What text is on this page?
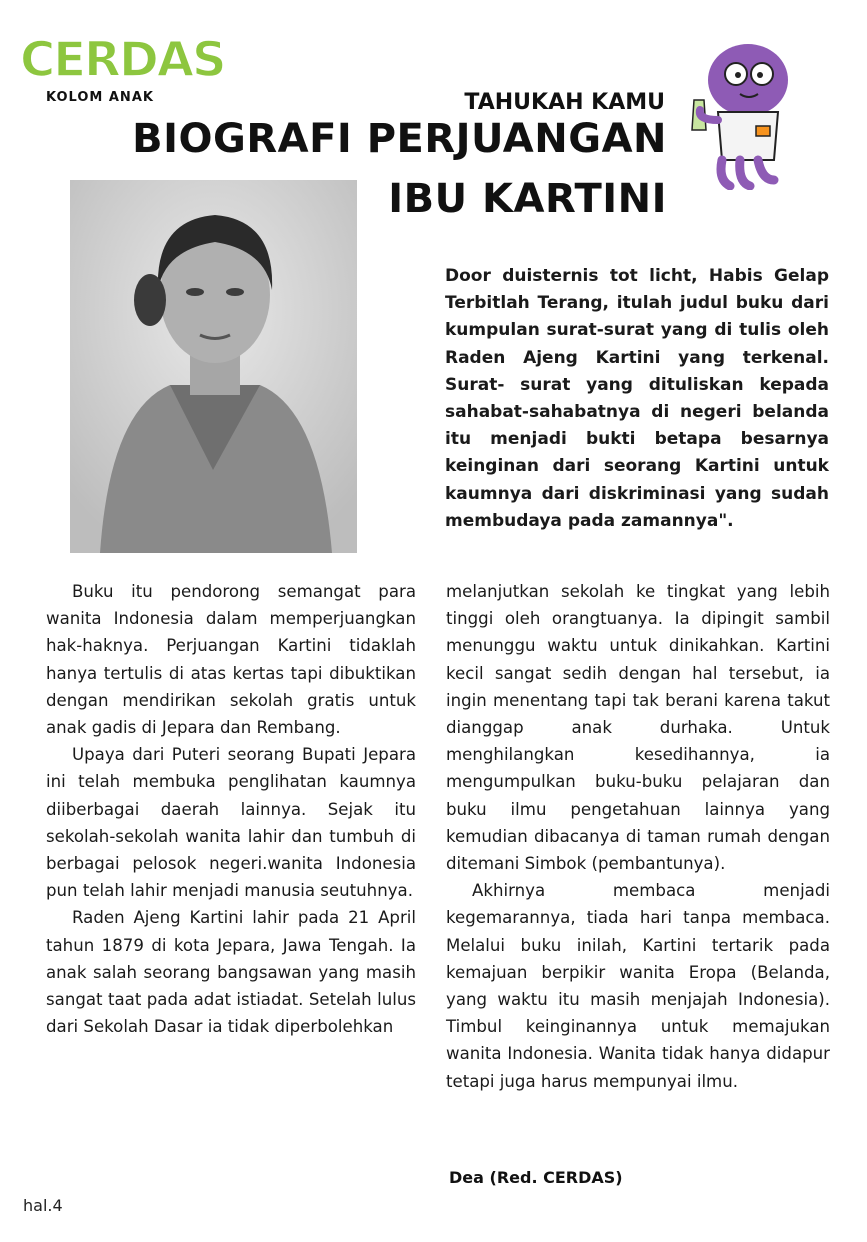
CERDAS
KOLOM ANAK	TAHUKAH KAMU
BIOGRAFI PERJUANGAN
IBU KARTINI

Door duisternis tot licht, Habis Gelap Terbitlah Terang, itulah judul buku dari kumpulan surat-surat yang di tulis oleh Raden Ajeng Kartini yang terkenal. Surat- surat yang dituliskan kepada sahabat-sahabatnya di negeri belanda itu menjadi bukti betapa besarnya keinginan dari seorang Kartini untuk kaumnya dari diskriminasi yang sudah membudaya pada zamannya".

Buku itu pendorong semangat para wanita Indonesia dalam memperjuangkan hak-haknya. Perjuangan Kartini tidaklah hanya tertulis di atas kertas tapi dibuktikan dengan mendirikan sekolah gratis untuk anak gadis di Jepara dan Rembang.

Upaya dari Puteri seorang Bupati Jepara ini telah membuka penglihatan kaumnya diiberbagai daerah lainnya. Sejak itu sekolah-sekolah wanita lahir dan tumbuh di berbagai pelosok negeri.wanita Indonesia pun telah lahir menjadi manusia seutuhnya.

Raden Ajeng Kartini lahir pada 21 April tahun 1879 di kota Jepara, Jawa Tengah. Ia anak salah seorang bangsawan yang masih sangat taat pada adat istiadat. Setelah lulus dari Sekolah Dasar ia tidak diperbolehkan

melanjutkan sekolah ke tingkat yang lebih tinggi oleh orangtuanya. Ia dipingit sambil menunggu waktu untuk dinikahkan. Kartini kecil sangat sedih dengan hal tersebut, ia ingin menentang tapi tak berani karena takut dianggap anak durhaka. Untuk menghilangkan kesedihannya, ia mengumpulkan buku-buku pelajaran dan buku ilmu pengetahuan lainnya yang kemudian dibacanya di taman rumah dengan ditemani Simbok (pembantunya).

Akhirnya membaca menjadi kegemarannya, tiada hari tanpa membaca. Melalui buku inilah, Kartini tertarik pada kemajuan berpikir wanita Eropa (Belanda, yang waktu itu masih menjajah Indonesia). Timbul keinginannya untuk memajukan wanita Indonesia. Wanita tidak hanya didapur tetapi juga harus mempunyai ilmu.

Dea (Red. CERDAS)
hal.4
